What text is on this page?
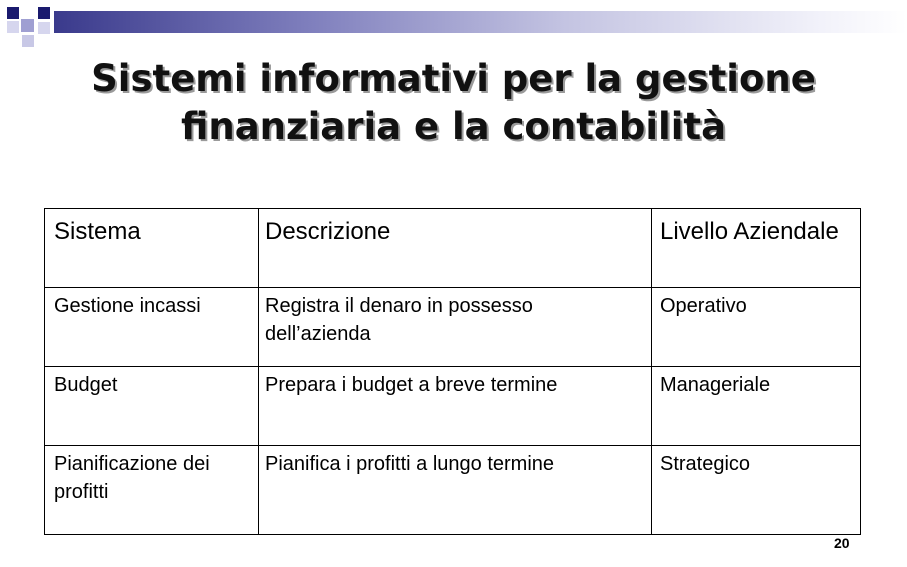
Sistemi informativi per la gestione
finanziaria e la contabilità
Sistema	Descrizione	Livello Aziendale
Gestione incassi	Registra il denaro in possesso dell’azienda	Operativo
Budget	Prepara i budget a breve termine	Manageriale
Pianificazione dei profitti	Pianifica i profitti a lungo termine	Strategico
20
